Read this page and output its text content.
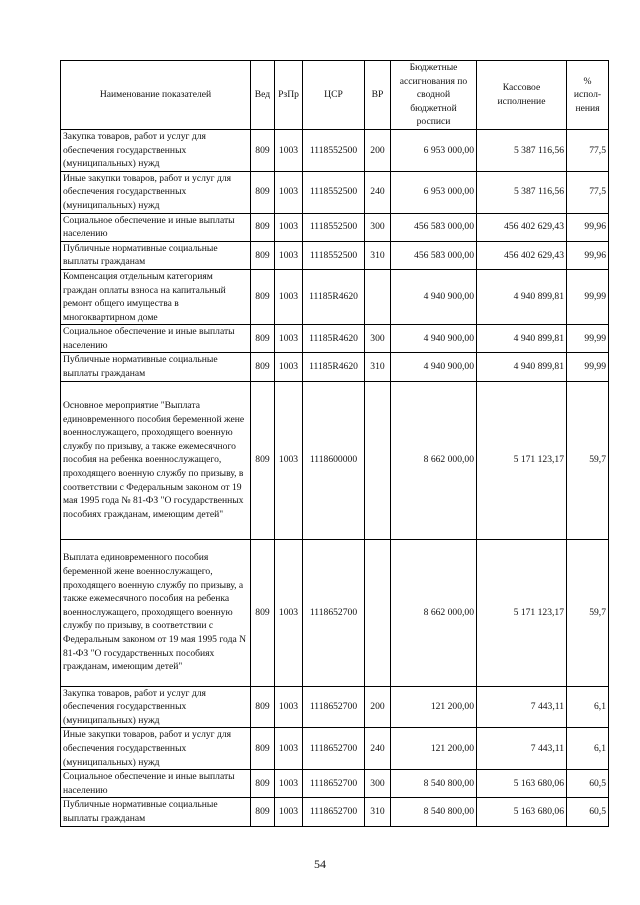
Наименование показателей	Вед	РзПр	ЦСР	ВР	Бюджетные ассигнования по сводной бюджетной росписи	Кассовое исполнение	% испол-нения
Закупка товаров, работ и услуг для обеспечения государственных (муниципальных) нужд	809	1003	1118552500	200	6 953 000,00	5 387 116,56	77,5
Иные закупки товаров, работ и услуг для обеспечения государственных (муниципальных) нужд	809	1003	1118552500	240	6 953 000,00	5 387 116,56	77,5
Социальное обеспечение и иные выплаты населению	809	1003	1118552500	300	456 583 000,00	456 402 629,43	99,96
Публичные нормативные социальные выплаты гражданам	809	1003	1118552500	310	456 583 000,00	456 402 629,43	99,96
Компенсация отдельным категориям граждан оплаты взноса на капитальный ремонт общего имущества в многоквартирном доме	809	1003	11185R4620		4 940 900,00	4 940 899,81	99,99
Социальное обеспечение и иные выплаты населению	809	1003	11185R4620	300	4 940 900,00	4 940 899,81	99,99
Публичные нормативные социальные выплаты гражданам	809	1003	11185R4620	310	4 940 900,00	4 940 899,81	99,99
Основное мероприятие "Выплата единовременного пособия беременной жене военнослужащего, проходящего военную службу по призыву, а также ежемесячного пособия на ребенка военнослужащего, проходящего военную службу по призыву, в соответствии с Федеральным законом от 19 мая 1995 года № 81-ФЗ "О государственных пособиях гражданам, имеющим детей"	809	1003	1118600000		8 662 000,00	5 171 123,17	59,7
Выплата единовременного пособия беременной жене военнослужащего, проходящего военную службу по призыву, а также ежемесячного пособия на ребенка военнослужащего, проходящего военную службу по призыву, в соответствии с Федеральным законом от 19 мая 1995 года N 81-ФЗ "О государственных пособиях гражданам, имеющим детей"	809	1003	1118652700		8 662 000,00	5 171 123,17	59,7
Закупка товаров, работ и услуг для обеспечения государственных (муниципальных) нужд	809	1003	1118652700	200	121 200,00	7 443,11	6,1
Иные закупки товаров, работ и услуг для обеспечения государственных (муниципальных) нужд	809	1003	1118652700	240	121 200,00	7 443,11	6,1
Социальное обеспечение и иные выплаты населению	809	1003	1118652700	300	8 540 800,00	5 163 680,06	60,5
Публичные нормативные социальные выплаты гражданам	809	1003	1118652700	310	8 540 800,00	5 163 680,06	60,5
54
